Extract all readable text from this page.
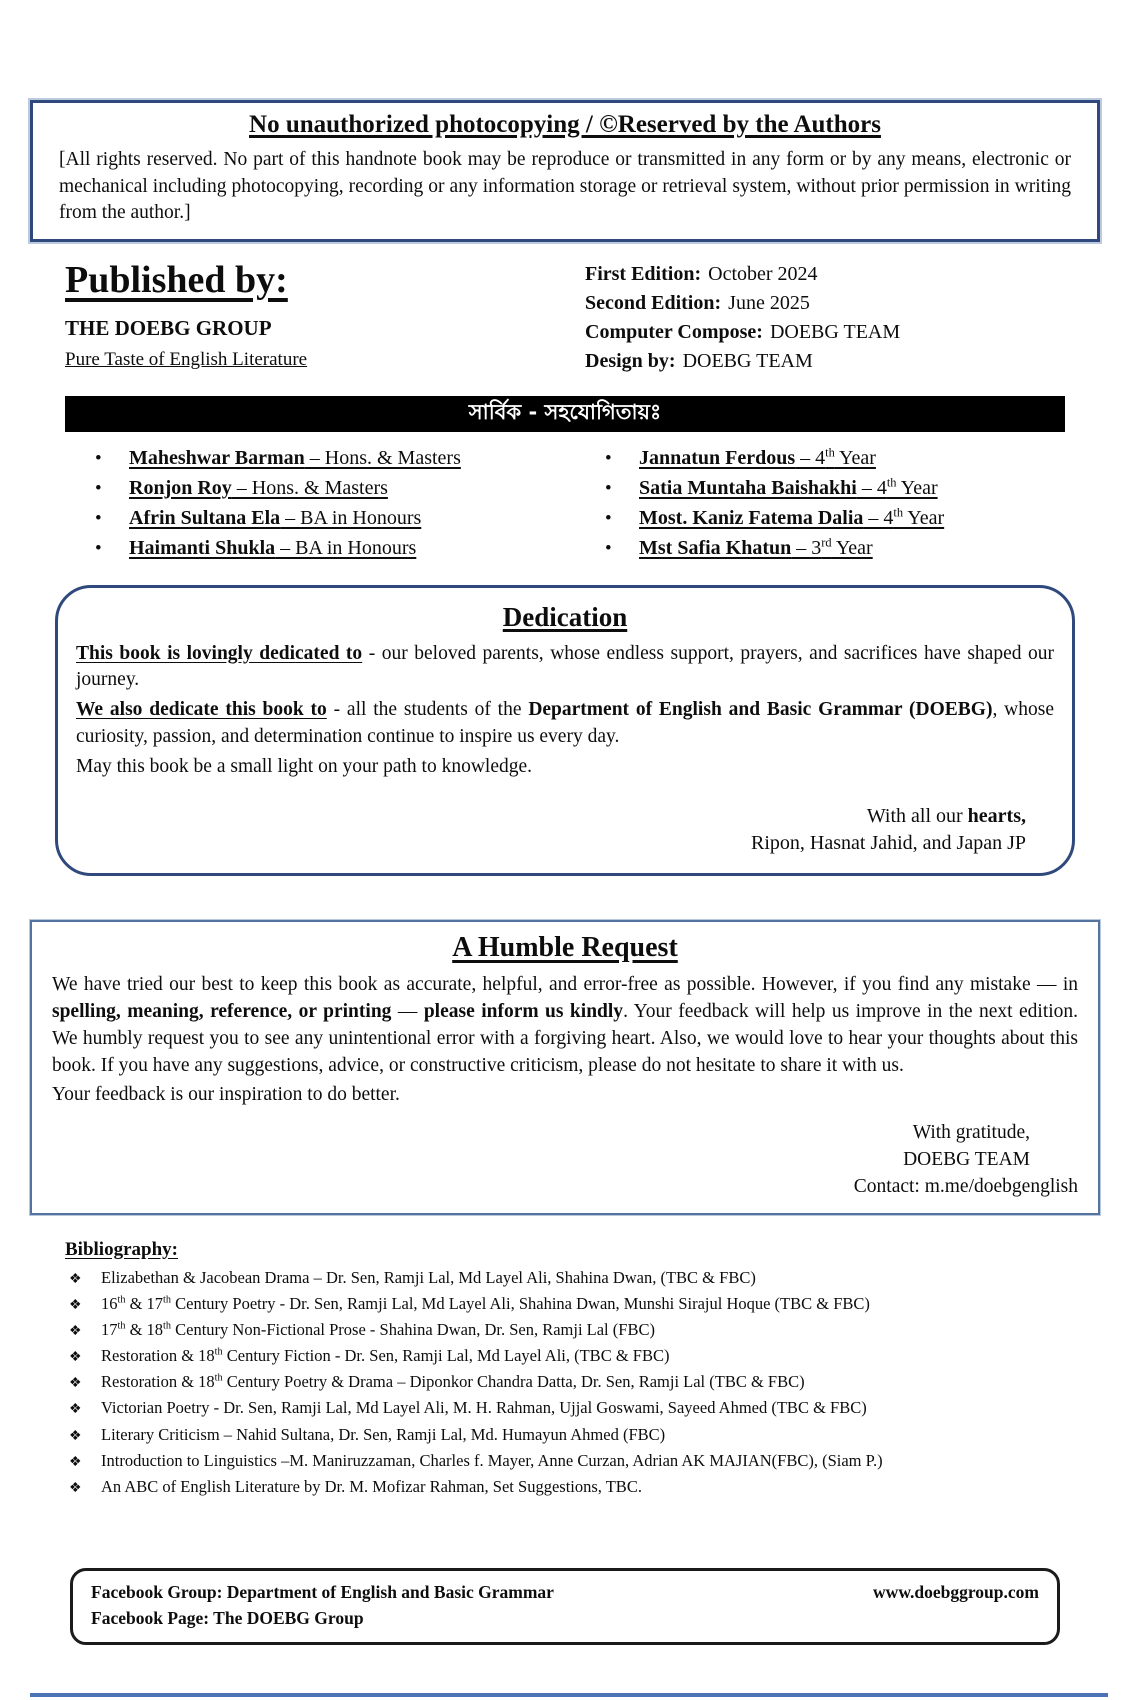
No unauthorized photocopying / ©Reserved by the Authors

[All rights reserved. No part of this handnote book may be reproduce or transmitted in any form or by any means, electronic or mechanical including photocopying, recording or any information storage or retrieval system, without prior permission in writing from the author.]

Published by:
THE DOEBG GROUP
Pure Taste of English Literature
First Edition: October 2024
Second Edition: June 2025
Computer Compose: DOEBG TEAM
Design by: DOEBG TEAM
সার্বিক - সহযোগিতায়ঃ
•	Maheshwar Barman – Hons. & Masters
•	Ronjon Roy – Hons. & Masters
•	Afrin Sultana Ela – BA in Honours
•	Haimanti Shukla – BA in Honours
•	Jannatun Ferdous – 4th Year
•	Satia Muntaha Baishakhi – 4th Year
•	Most. Kaniz Fatema Dalia – 4th Year
•	Mst Safia Khatun – 3rd Year
Dedication

This book is lovingly dedicated to - our beloved parents, whose endless support, prayers, and sacrifices have shaped our journey.

We also dedicate this book to - all the students of the Department of English and Basic Grammar (DOEBG), whose curiosity, passion, and determination continue to inspire us every day.

May this book be a small light on your path to knowledge.

With all our hearts,
Ripon, Hasnat Jahid, and Japan JP
A Humble Request

We have tried our best to keep this book as accurate, helpful, and error-free as possible. However, if you find any mistake — in spelling, meaning, reference, or printing — please inform us kindly. Your feedback will help us improve in the next edition. We humbly request you to see any unintentional error with a forgiving heart. Also, we would love to hear your thoughts about this book. If you have any suggestions, advice, or constructive criticism, please do not hesitate to share it with us.

Your feedback is our inspiration to do better.

With gratitude,
DOEBG TEAM
Contact: m.me/doebgenglish
Bibliography:
❖	Elizabethan & Jacobean Drama – Dr. Sen, Ramji Lal, Md Layel Ali, Shahina Dwan, (TBC & FBC)
❖	16th & 17th Century Poetry - Dr. Sen, Ramji Lal, Md Layel Ali, Shahina Dwan, Munshi Sirajul Hoque (TBC & FBC)
❖	17th & 18th Century Non-Fictional Prose - Shahina Dwan, Dr. Sen, Ramji Lal (FBC)
❖	Restoration & 18th Century Fiction - Dr. Sen, Ramji Lal, Md Layel Ali, (TBC & FBC)
❖	Restoration & 18th Century Poetry & Drama – Diponkor Chandra Datta, Dr. Sen, Ramji Lal (TBC & FBC)
❖	Victorian Poetry - Dr. Sen, Ramji Lal, Md Layel Ali, M. H. Rahman, Ujjal Goswami, Sayeed Ahmed (TBC & FBC)
❖	Literary Criticism – Nahid Sultana, Dr. Sen, Ramji Lal, Md. Humayun Ahmed (FBC)
❖	Introduction to Linguistics –M. Maniruzzaman, Charles f. Mayer, Anne Curzan, Adrian AK MAJIAN(FBC), (Siam P.)
❖	An ABC of English Literature by Dr. M. Mofizar Rahman, Set Suggestions, TBC.
Facebook Group: Department of English and Basic Grammar
Facebook Page: The DOEBG Group
www.doebggroup.com
